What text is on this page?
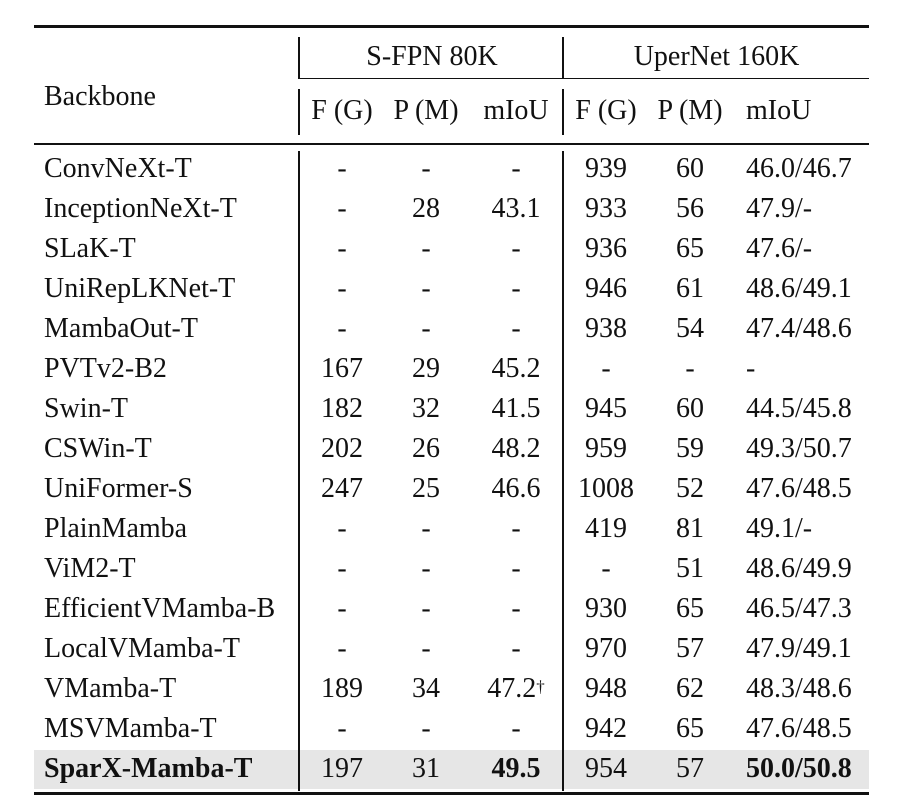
Backbone
S-FPN 80K	UperNet 160K
F (G) P (M) mIoU F (G) P (M) mIoU
ConvNeXt-T	-	-	-	939	60	46.0/46.7
InceptionNeXt-T	-	28	43.1	933	56	47.9/-
SLaK-T	-	-	-	936	65	47.6/-
UniRepLKNet-T	-	-	-	946	61	48.6/49.1
MambaOut-T	-	-	-	938	54	47.4/48.6
PVTv2-B2	167	29	45.2	-	-	-
Swin-T	182	32	41.5	945	60	44.5/45.8
CSWin-T	202	26	48.2	959	59	49.3/50.7
UniFormer-S	247	25	46.6	1008	52	47.6/48.5
PlainMamba	-	-	-	419	81	49.1/-
ViM2-T	-	-	-	-	51	48.6/49.9
EfficientVMamba-B	-	-	-	930	65	46.5/47.3
LocalVMamba-T	-	-	-	970	57	47.9/49.1
VMamba-T	189	34	47.2†	948	62	48.3/48.6
MSVMamba-T	-	-	-	942	65	47.6/48.5
SparX-Mamba-T	197	31	49.5	954	57	50.0/50.8
